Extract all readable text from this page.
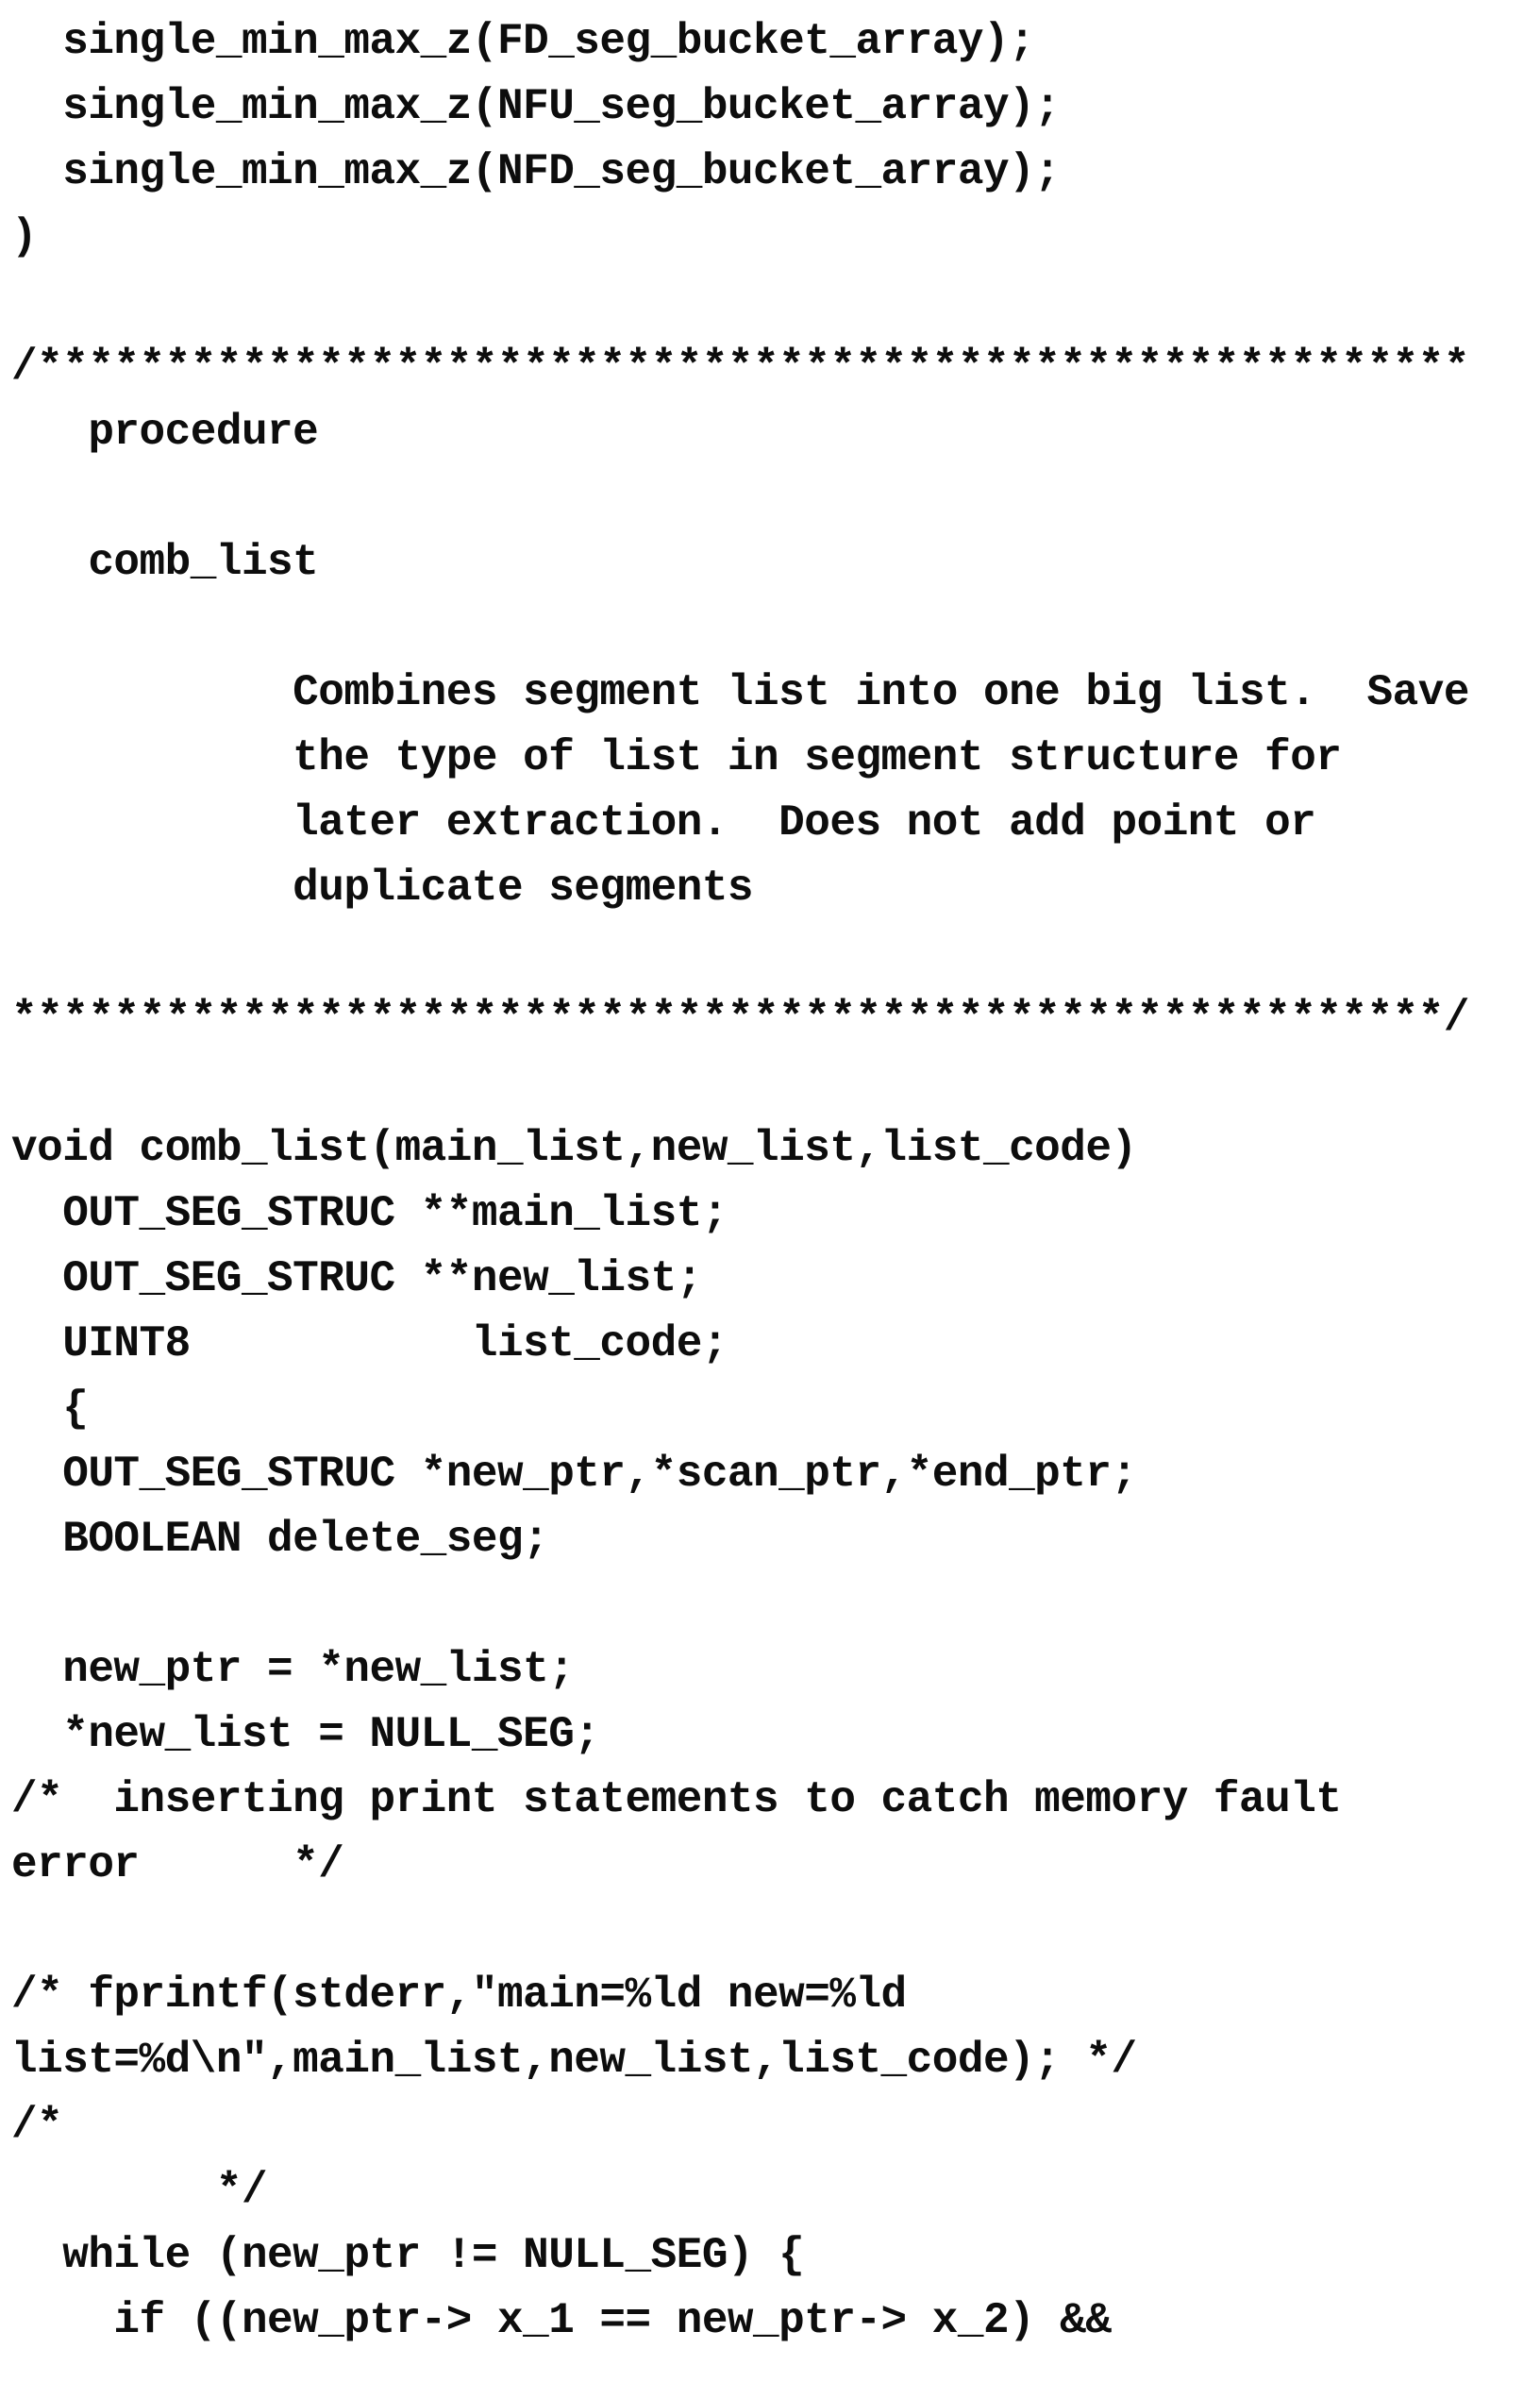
single_min_max_z(FD_seg_bucket_array);
single_min_max_z(NFU_seg_bucket_array);
single_min_max_z(NFD_seg_bucket_array);
)

/********************************************************
procedure

comb_list

Combines segment list into one big list.  Save
the type of list in segment structure for
later extraction.  Does not add point or
duplicate segments

********************************************************/

void comb_list(main_list,new_list,list_code)
OUT_SEG_STRUC **main_list;
OUT_SEG_STRUC **new_list;
UINT8           list_code;
{
OUT_SEG_STRUC *new_ptr,*scan_ptr,*end_ptr;
BOOLEAN delete_seg;

new_ptr = *new_list;
*new_list = NULL_SEG;
/*  inserting print statements to catch memory fault
error      */

/* fprintf(stderr,"main=%ld new=%ld
list=%d\n",main_list,new_list,list_code); */
/*
*/
while (new_ptr != NULL_SEG) {
if ((new_ptr-> x_1 == new_ptr-> x_2) &&
